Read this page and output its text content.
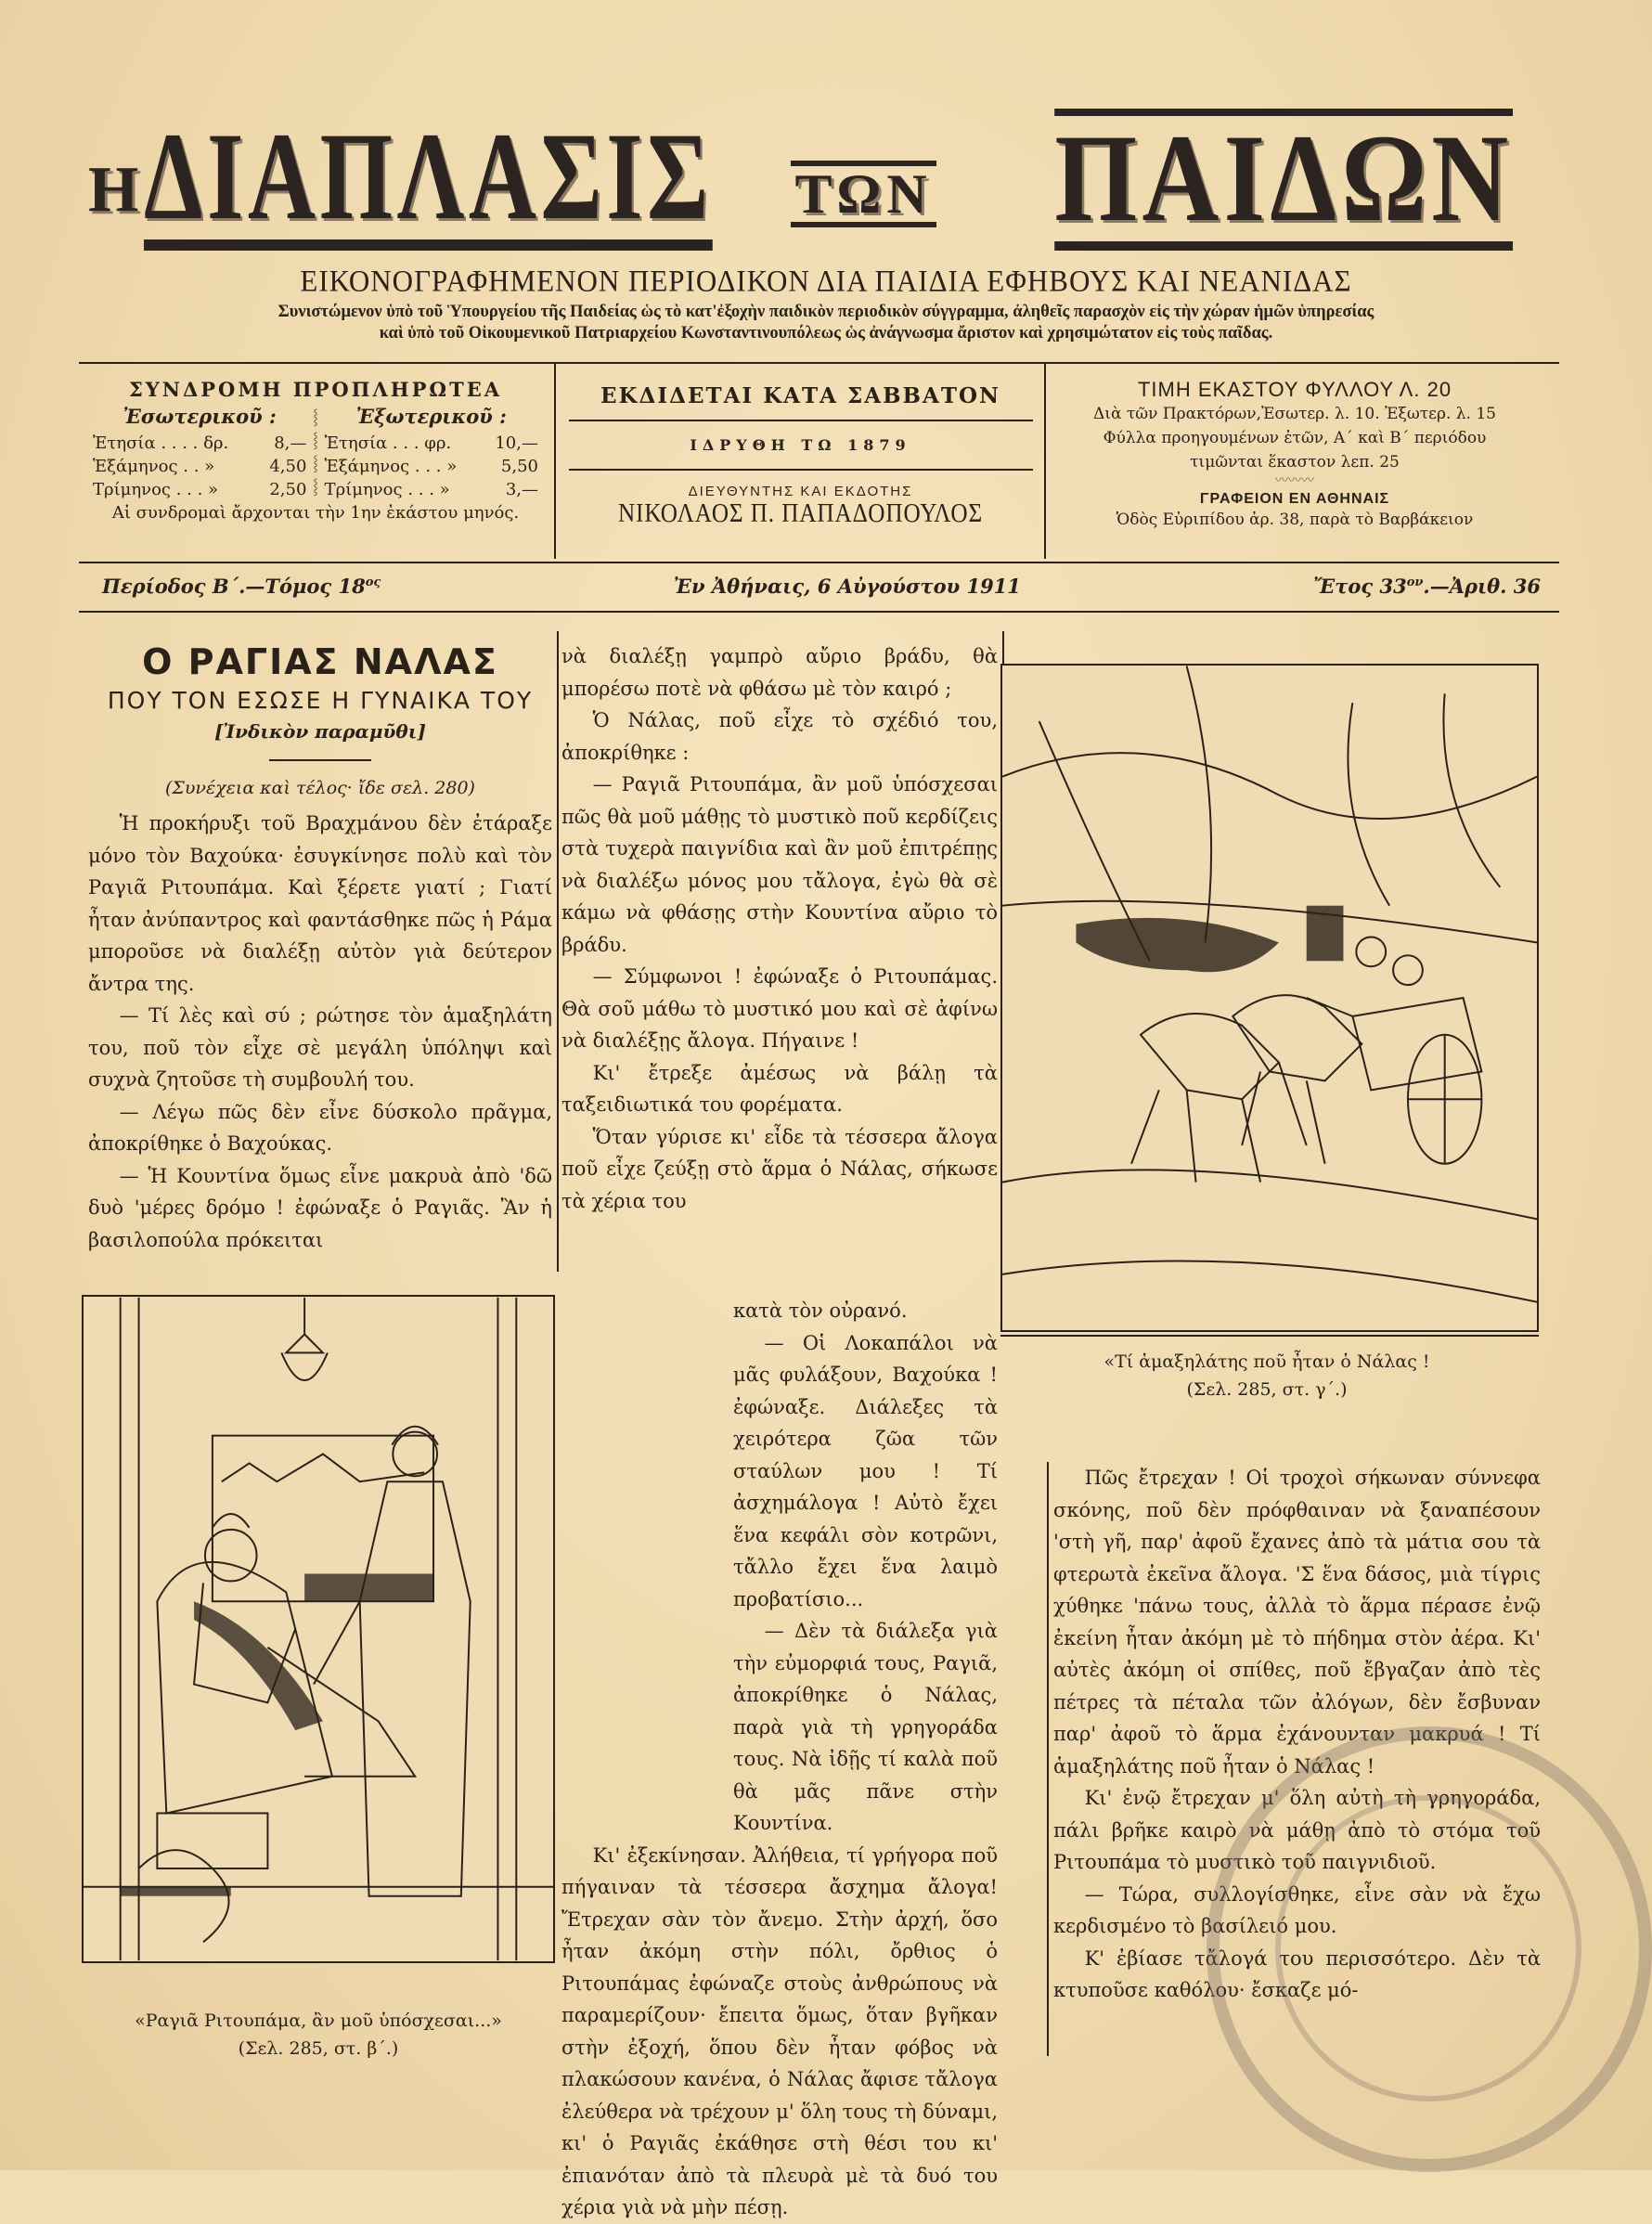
Η ΔΙΑΠΛΑΣΙΣ ΤΩΝ ΠΑΙΔΩΝ
ΕΙΚΟΝΟΓΡΑΦΗΜΕΝΟΝ ΠΕΡΙΟΔΙΚΟΝ ΔΙΑ ΠΑΙΔΙΑ ΕΦΗΒΟΥΣ ΚΑΙ ΝΕΑΝΙΔΑΣ
Συνιστώμενον ὑπὸ τοῦ Ὑπουργείου τῆς Παιδείας ὡς τὸ κατ'ἐξοχὴν παιδικὸν περιοδικὸν σύγγραμμα, ἀληθεῖς παρασχὸν εἰς τὴν χώραν ἡμῶν ὑπηρεσίας
καὶ ὑπὸ τοῦ Οἰκουμενικοῦ Πατριαρχείου Κωνσταντινουπόλεως ὡς ἀνάγνωσμα ἄριστον καὶ χρησιμώτατον εἰς τοὺς παῖδας.
ΣΥΝΔΡΟΜΗ ΠΡΟΠΛΗΡΩΤΕΑ
Ἐσωτερικοῦ :
Ἐτησία . . . . δρ.	8,—
Ἑξάμηνος . . »	4,50
Τρίμηνος . . . »	2,50
⸾
⸾
⸾
⸾
Ἐξωτερικοῦ :
Ἐτησία . . . φρ.	10,—
Ἑξάμηνος . . . »	5,50
Τρίμηνος . . . »	3,—
Αἱ συνδρομαὶ ἄρχονται τὴν 1ην ἑκάστου μηνός.
ΕΚΔΙΔΕΤΑΙ ΚΑΤΑ ΣΑΒΒΑΤΟΝ
ΙΔΡΥΘΗ ΤΩ 1879
ΔΙΕΥΘΥΝΤΗΣ ΚΑΙ ΕΚΔΟΤΗΣ
ΝΙΚΟΛΑΟΣ Π. ΠΑΠΑΔΟΠΟΥΛΟΣ
ΤΙΜΗ ΕΚΑΣΤΟΥ ΦΥΛΛΟΥ Λ. 20
Διὰ τῶν Πρακτόρων,Ἐσωτερ. λ. 10. Ἐξωτερ. λ. 15
Φύλλα προηγουμένων ἐτῶν, Α΄ καὶ Β΄ περιόδου
τιμῶνται ἕκαστον λεπ. 25
〰〰〰
ΓΡΑΦΕΙΟΝ ΕΝ ΑΘΗΝΑΙΣ
Ὁδὸς Εὐριπίδου ἀρ. 38, παρὰ τὸ Βαρβάκειον
Περίοδος Β΄.—Τόμος $18^{o\varsigma}$	Ἐν Ἀθήναις, 6 Αὐγούστου 1911	Ἔτος $33^{o\nu}.—Ἀ\rho\iota\theta$. 36
Ο ΡΑΓΙΑΣ ΝΑΛΑΣ
ΠΟΥ ΤΟΝ ΕΣΩΣΕ Η ΓΥΝΑΙΚΑ ΤΟΥ
[Ἰνδικὸν παραμῦθι]
(Συνέχεια καὶ τέλος· ἴδε σελ. 280)

Ἡ προκήρυξι τοῦ Βραχμάνου δὲν ἐτάραξε μόνο τὸν Βαχούκα· ἐσυγκίνησε πολὺ καὶ τὸν Ραγιᾶ Ριτουπάμα. Καὶ ξέρετε γιατί ; Γιατί ἦταν ἀνύπαντρος καὶ φαντάσθηκε πῶς ἡ Ράμα μποροῦσε νὰ διαλέξῃ αὐτὸν γιὰ δεύτερον ἄντρα της.

— Τί λὲς καὶ σύ ; ρώτησε τὸν ἁμαξηλάτη του, ποῦ τὸν εἶχε σὲ μεγάλη ὑπόληψι καὶ συχνὰ ζητοῦσε τὴ συμβουλή του.

— Λέγω πῶς δὲν εἶνε δύσκολο πρᾶγμα, ἀποκρίθηκε ὁ Βαχούκας.

— Ἡ Κουντίνα ὅμως εἶνε μακρυὰ ἀπὸ 'δῶ δυὸ 'μέρες δρόμο ! ἐφώναξε ὁ Ραγιᾶς. Ἂν ἡ βασιλοπούλα πρόκειται

νὰ διαλέξῃ γαμπρὸ αὔριο βράδυ, θὰ μπορέσω ποτὲ νὰ φθάσω μὲ τὸν καιρό ;

Ὁ Νάλας, ποῦ εἶχε τὸ σχέδιό του, ἀποκρίθηκε :

— Ραγιᾶ Ριτουπάμα, ἂν μοῦ ὑπόσχεσαι πῶς θὰ μοῦ μάθῃς τὸ μυστικὸ ποῦ κερδίζεις στὰ τυχερὰ παιγνίδια καὶ ἂν μοῦ ἐπιτρέπῃς νὰ διαλέξω μόνος μου τἄλογα, ἐγὼ θὰ σὲ κάμω νὰ φθάσῃς στὴν Κουντίνα αὔριο τὸ βράδυ.

— Σύμφωνοι ! ἐφώναξε ὁ Ριτουπάμας. Θὰ σοῦ μάθω τὸ μυστικό μου καὶ σὲ ἀφίνω νὰ διαλέξῃς ἄλογα. Πήγαινε !

Κι' ἔτρεξε ἀμέσως νὰ βάλῃ τὰ ταξειδιωτικά του φορέματα.

Ὅταν γύρισε κι' εἶδε τὰ τέσσερα ἄλογα ποῦ εἶχε ζεύξῃ στὸ ἅρμα ὁ Νάλας, σήκωσε τὰ χέρια του

κατὰ τὸν οὐρανό.

— Οἱ Λοκαπάλοι νὰ μᾶς φυλάξουν, Βαχούκα ! ἐφώναξε. Διάλεξες τὰ χειρότερα ζῶα τῶν σταύλων μου ! Τί ἀσχημάλογα ! Αὐτὸ ἔχει ἕνα κεφάλι σὸν κοτρῶνι, τἄλλο ἔχει ἕνα λαιμὸ προβατίσιο...

— Δὲν τὰ διάλεξα γιὰ τὴν εὐμορφιά τους, Ραγιᾶ, ἀποκρίθηκε ὁ Νάλας, παρὰ γιὰ τὴ γρηγοράδα τους. Νὰ ἰδῇς τί καλὰ ποῦ θὰ μᾶς πᾶνε στὴν Κουντίνα.

Κι' ἐξεκίνησαν. Ἀλήθεια, τί γρήγορα ποῦ πήγαιναν τὰ τέσσερα ἄσχημα ἄλογα! Ἔτρεχαν σὰν τὸν ἄνεμο. Στὴν ἀρχή, ὅσο ἦταν ἀκόμη στὴν πόλι, ὄρθιος ὁ Ριτουπάμας ἐφώναζε στοὺς ἀνθρώπους νὰ παραμερίζουν· ἔπειτα ὅμως, ὅταν βγῆκαν στὴν ἐξοχή, ὅπου δὲν ἦταν φόβος νὰ πλακώσουν κανένα, ὁ Νάλας ἄφισε τἄλογα ἐλεύθερα νὰ τρέχουν μ' ὅλη τους τὴ δύναμι, κι' ὁ Ραγιᾶς ἐκάθησε στὴ θέσι του κι' ἐπιανόταν ἀπὸ τὰ πλευρὰ μὲ τὰ δυό του χέρια γιὰ νὰ μὴν πέσῃ.

Πῶς ἔτρεχαν ! Οἱ τροχοὶ σήκωναν σύννεφα σκόνης, ποῦ δὲν πρόφθαιναν νὰ ξαναπέσουν 'στὴ γῆ, παρ' ἀφοῦ ἔχανες ἀπὸ τὰ μάτια σου τὰ φτερωτὰ ἐκεῖνα ἄλογα. 'Σ ἕνα δάσος, μιὰ τίγρις χύθηκε 'πάνω τους, ἀλλὰ τὸ ἅρμα πέρασε ἐνῷ ἐκείνη ἦταν ἀκόμη μὲ τὸ πήδημα στὸν ἀέρα. Κι' αὐτὲς ἀκόμη οἱ σπίθες, ποῦ ἔβγαζαν ἀπὸ τὲς πέτρες τὰ πέταλα τῶν ἀλόγων, δὲν ἔσβυναν παρ' ἀφοῦ τὸ ἅρμα ἐχάνουνταν μακρυά ! Τί ἁμαξηλάτης ποῦ ἦταν ὁ Νάλας !

Κι' ἐνῷ ἔτρεχαν μ' ὅλη αὐτὴ τὴ γρηγοράδα, πάλι βρῆκε καιρὸ νὰ μάθῃ ἀπὸ τὸ στόμα τοῦ Ριτουπάμα τὸ μυστικὸ τοῦ παιγνιδιοῦ.

— Τώρα, συλλογίσθηκε, εἶνε σὰν νὰ ἔχω κερδισμένο τὸ βασίλειό μου.

Κ' ἐβίασε τἄλογά του περισσότερο. Δὲν τὰ κτυποῦσε καθόλου· ἔσκαζε μό-

«Ραγιᾶ Ριτουπάμα, ἂν μοῦ ὑπόσχεσαι...»
(Σελ. 285, στ. β΄.)
«Τί ἁμαξηλάτης ποῦ ἦταν ὁ Νάλας !
(Σελ. 285, στ. γ΄.)
